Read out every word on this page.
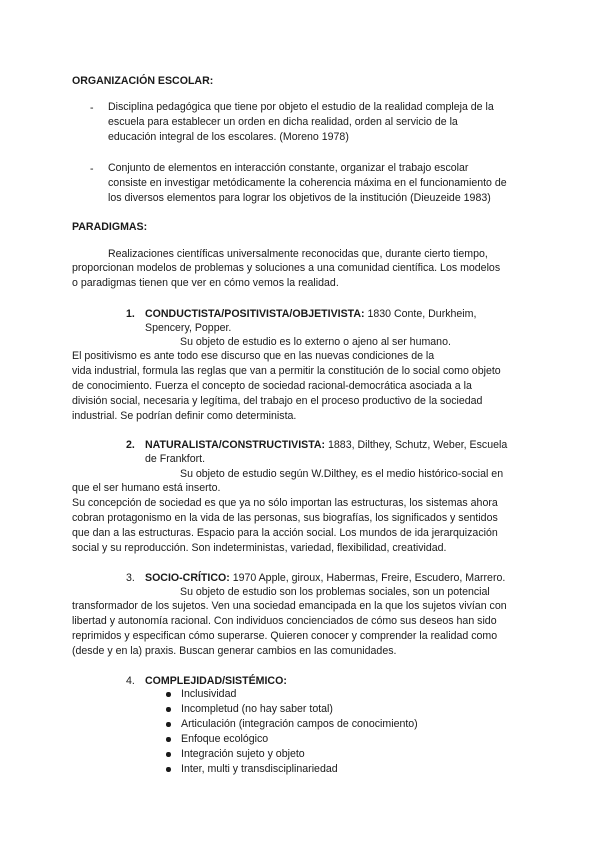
ORGANIZACIÓN ESCOLAR:
- Disciplina pedagógica que tiene por objeto el estudio de la realidad compleja de la
escuela para establecer un orden en dicha realidad, orden al servicio de la
educación integral de los escolares. (Moreno 1978)
- Conjunto de elementos en interacción constante, organizar el trabajo escolar
consiste en investigar metódicamente la coherencia máxima en el funcionamiento de
los diversos elementos para lograr los objetivos de la institución (Dieuzeide 1983)
PARADIGMAS:
Realizaciones científicas universalmente reconocidas que, durante cierto tiempo,
proporcionan modelos de problemas y soluciones a una comunidad científica. Los modelos
o paradigmas tienen que ver en cómo vemos la realidad.
1. CONDUCTISTA/POSITIVISTA/OBJETIVISTA: 1830 Conte, Durkheim,
Spencery, Popper.
Su objeto de estudio es lo externo o ajeno al ser humano.
El positivismo es ante todo ese discurso que en las nuevas condiciones de la
vida industrial, formula las reglas que van a permitir la constitución de lo social como objeto
de conocimiento. Fuerza el concepto de sociedad racional-democrática asociada a la
división social, necesaria y legítima, del trabajo en el proceso productivo de la sociedad
industrial. Se podrían definir como determinista.
2. NATURALISTA/CONSTRUCTIVISTA: 1883, Dilthey, Schutz, Weber, Escuela
de Frankfort.
Su objeto de estudio según W.Dilthey, es el medio histórico-social en
que el ser humano está inserto.
Su concepción de sociedad es que ya no sólo importan las estructuras, los sistemas ahora
cobran protagonismo en la vida de las personas, sus biografías, los significados y sentidos
que dan a las estructuras. Espacio para la acción social. Los mundos de ida jerarquización
social y su reproducción. Son indeterministas, variedad, flexibilidad, creatividad.
3. SOCIO-CRÍTICO: 1970 Apple, giroux, Habermas, Freire, Escudero, Marrero.
Su objeto de estudio son los problemas sociales, son un potencial
transformador de los sujetos. Ven una sociedad emancipada en la que los sujetos vivían con
libertad y autonomía racional. Con individuos concienciados de cómo sus deseos han sido
reprimidos y especifican cómo superarse. Quieren conocer y comprender la realidad como
(desde y en la) praxis. Buscan generar cambios en las comunidades.
4. COMPLEJIDAD/SISTÉMICO:
Inclusividad
Incompletud (no hay saber total)
Articulación (integración campos de conocimiento)
Enfoque ecológico
Integración sujeto y objeto
Inter, multi y transdisciplinariedad
